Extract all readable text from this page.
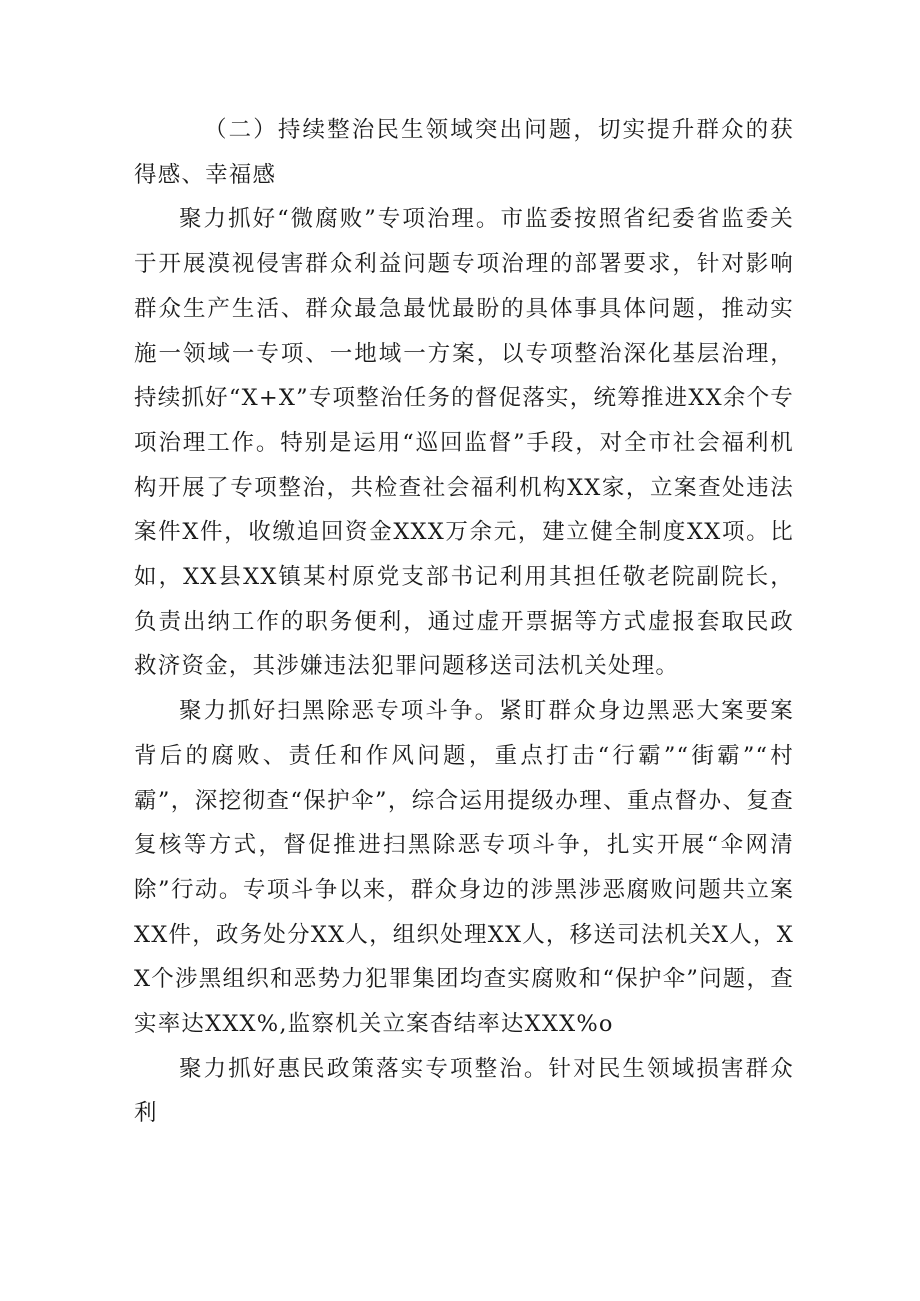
（二）持续整治民生领域突出问题，切实提升群众的获得感、幸福感

聚力抓好“微腐败”专项治理。市监委按照省纪委省监委关于开展漠视侵害群众利益问题专项治理的部署要求，针对影响群众生产生活、群众最急最忧最盼的具体事具体问题，推动实施一领域一专项、一地域一方案，以专项整治深化基层治理，持续抓好“X+X”专项整治任务的督促落实，统筹推进XX余个专项治理工作。特别是运用“巡回监督”手段，对全市社会福利机构开展了专项整治，共检查社会福利机构XX家，立案查处违法案件X件，收缴追回资金XXX万余元，建立健全制度XX项。比如，XX县XX镇某村原党支部书记利用其担任敬老院副院长，负责出纳工作的职务便利，通过虚开票据等方式虚报套取民政救济资金，其涉嫌违法犯罪问题移送司法机关处理。

聚力抓好扫黑除恶专项斗争。紧盯群众身边黑恶大案要案背后的腐败、责任和作风问题，重点打击“行霸”“街霸”“村霸”，深挖彻查“保护伞”，综合运用提级办理、重点督办、复查复核等方式，督促推进扫黑除恶专项斗争，扎实开展“伞网清除”行动。专项斗争以来，群众身边的涉黑涉恶腐败问题共立案XX件，政务处分XX人，组织处理XX人，移送司法机关X人，XX个涉黑组织和恶势力犯罪集团均查实腐败和“保护伞”问题，查实率达XXX%,监察机关立案杳结率达XXX%o

聚力抓好惠民政策落实专项整治。针对民生领域损害群众利
